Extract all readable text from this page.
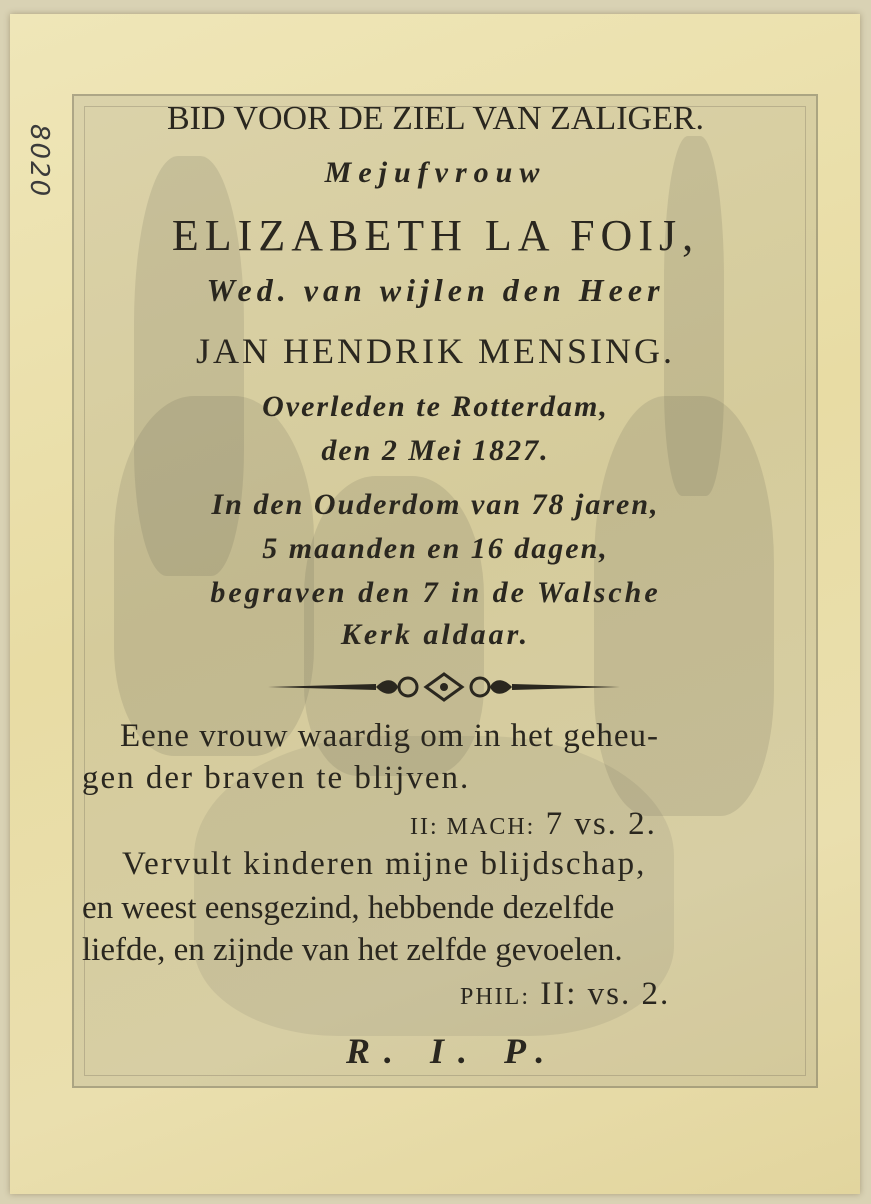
8020
BID VOOR DE ZIEL VAN ZALIGER.
Mejufvrouw
ELIZABETH LA FOIJ,
Wed. van wijlen den Heer
JAN HENDRIK MENSING.
Overleden te Rotterdam,
den 2 Mei 1827.
In den Ouderdom van 78 jaren,
5 maanden en 16 dagen,
begraven den 7 in de Walsche
Kerk aldaar.
Eene vrouw waardig om in het geheu-
gen der braven te blijven.
II: MACH: 7 vs. 2.
Vervult kinderen mijne blijdschap,
en weest eensgezind, hebbende dezelfde
liefde, en zijnde van het zelfde gevoelen.
PHIL: II: vs. 2.
R. I. P.
